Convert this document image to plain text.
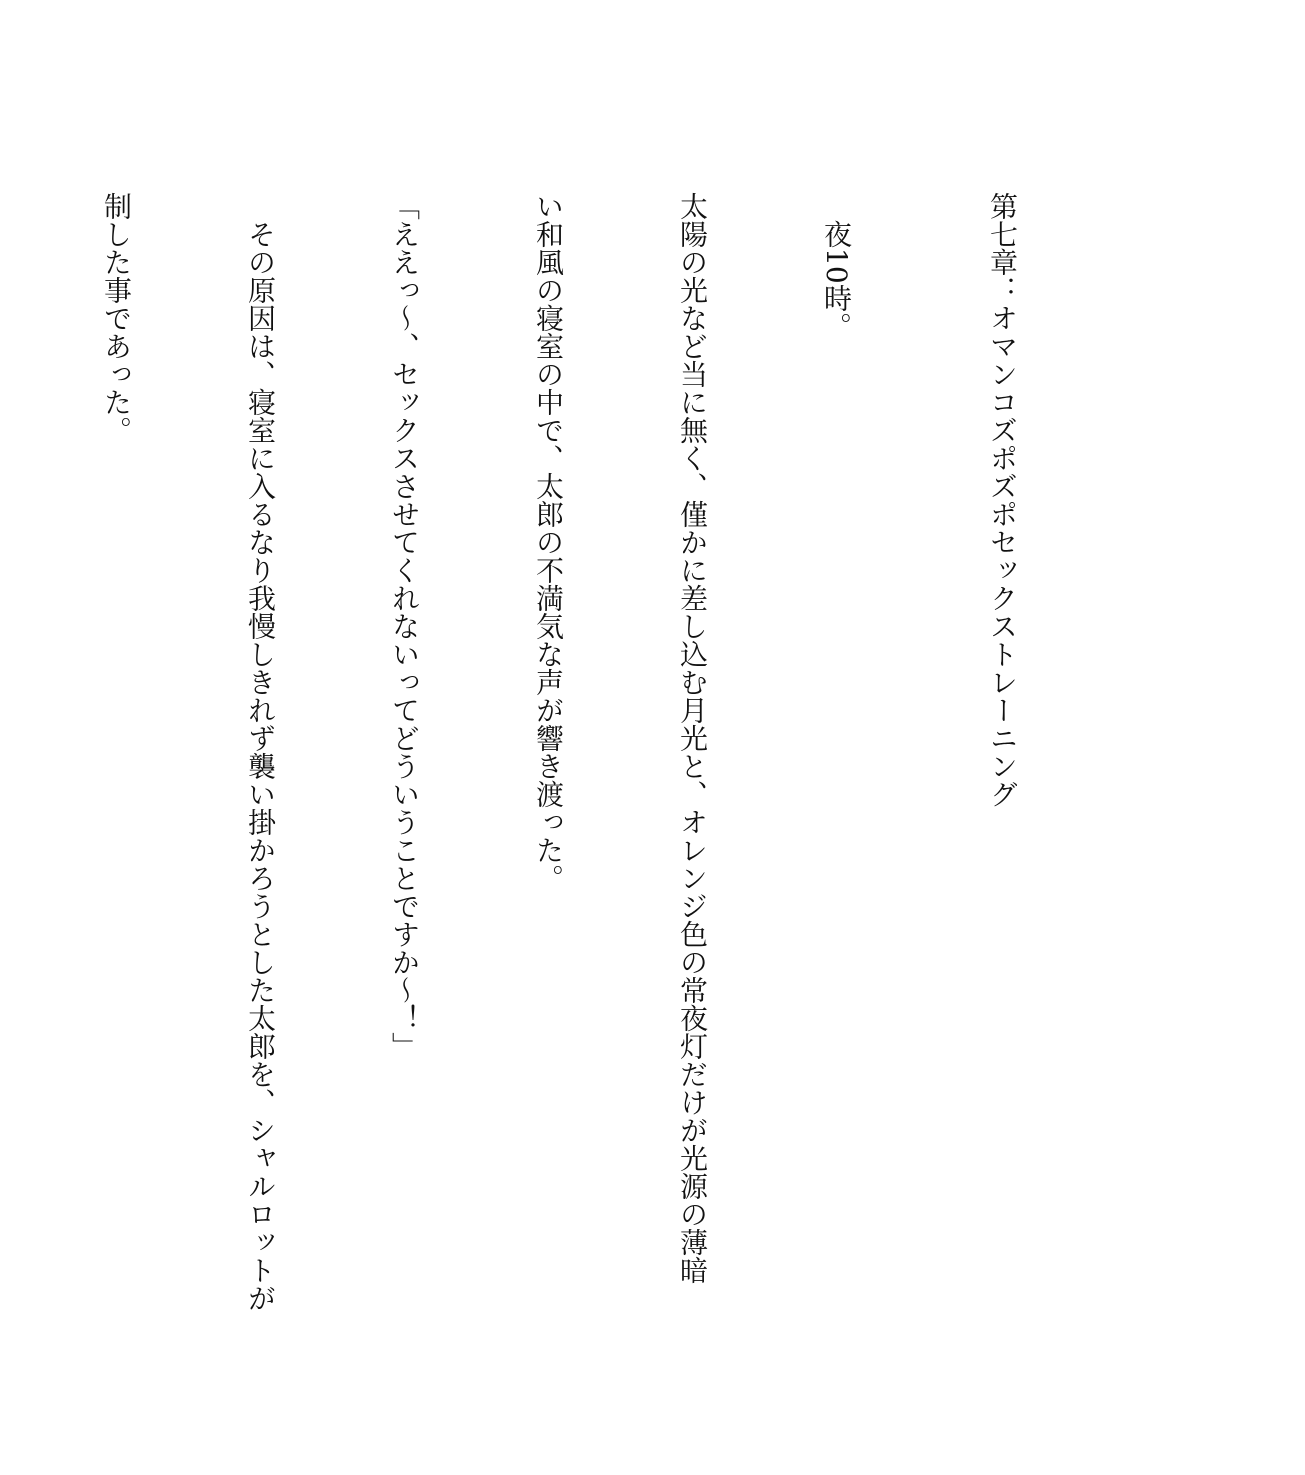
第七章：オマンコズポズポセックストレーニング

夜10時。

太陽の光など当に無く、僅かに差し込む月光と、オレンジ色の常夜灯だけが光源の薄暗

い和風の寝室の中で、太郎の不満気な声が響き渡った。

「ええっ〜、セックスさせてくれないってどういうことですか〜！」

その原因は、寝室に入るなり我慢しきれず襲い掛かろうとした太郎を、シャルロットが

制した事であった。
